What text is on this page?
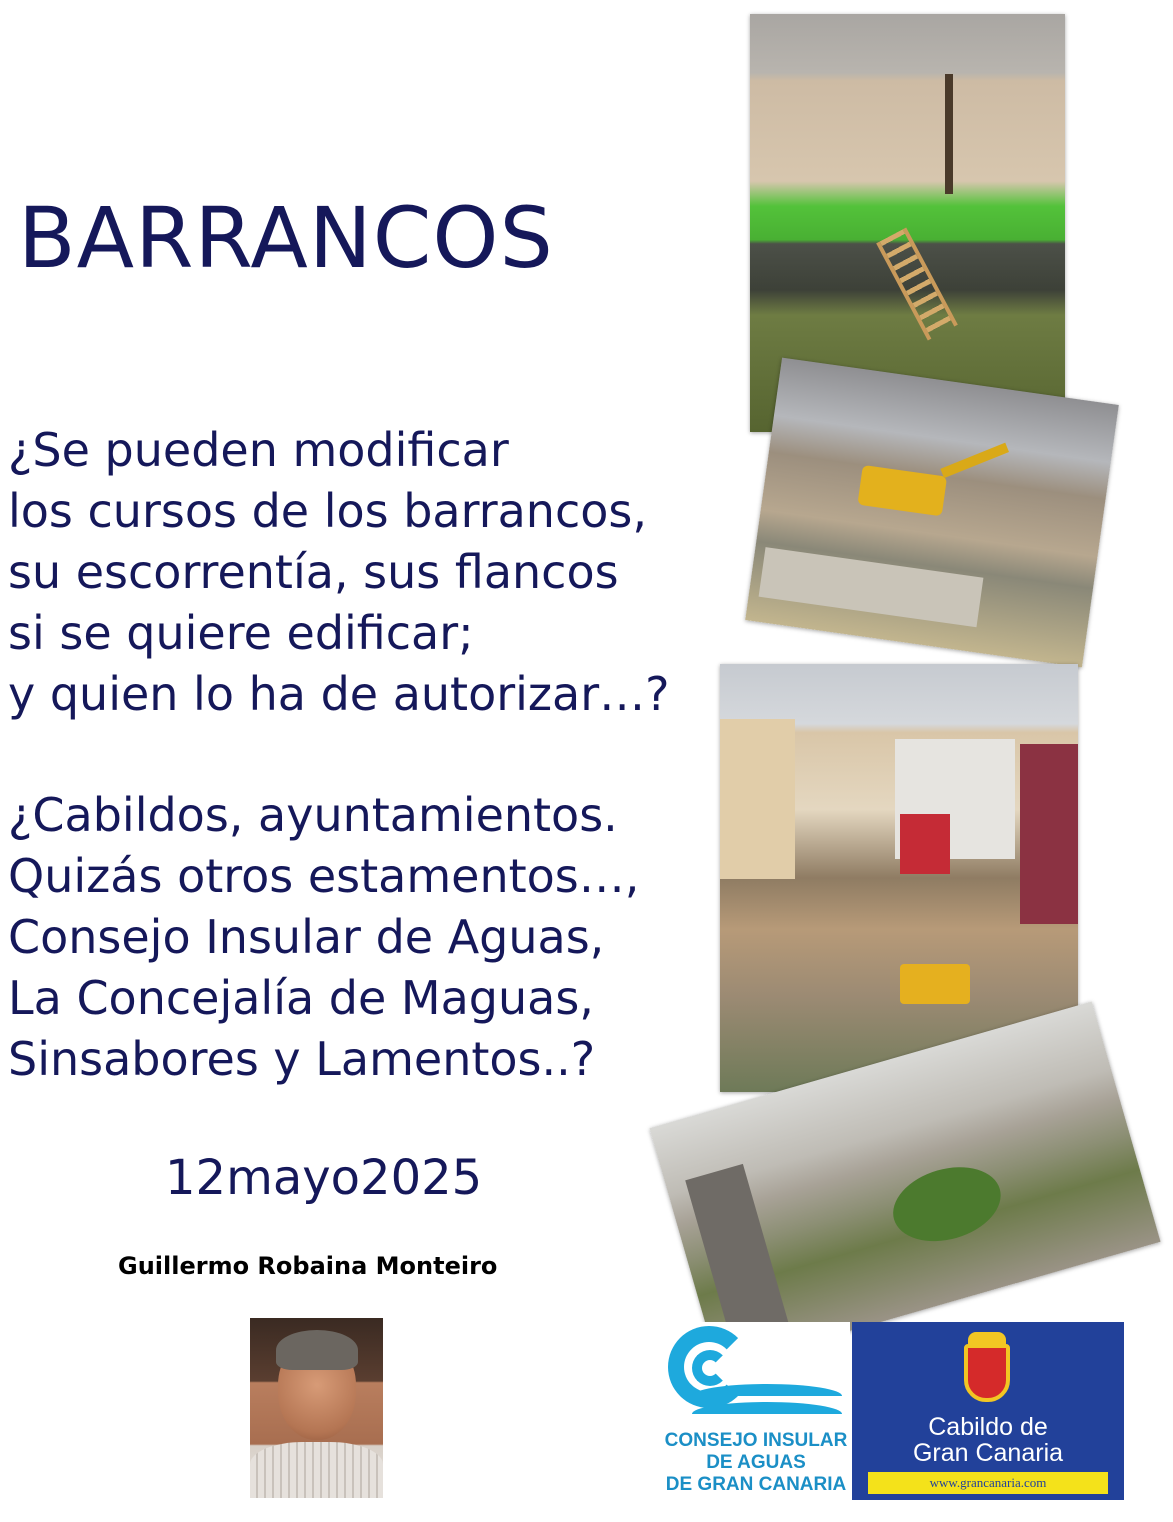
BARRANCOS
¿Se pueden modificar
los cursos de los barrancos,
su escorrentía, sus flancos
si se quiere edificar;
y quien lo ha de autorizar…?
¿Cabildos, ayuntamientos.
Quizás otros estamentos…,
Consejo Insular de Aguas,
La Concejalía de Maguas,
Sinsabores y Lamentos..?

12mayo2025

Guillermo Robaina Monteiro

CONSEJO INSULAR
DE AGUAS
DE GRAN CANARIA
Cabildo de
Gran Canaria
www.grancanaria.com
